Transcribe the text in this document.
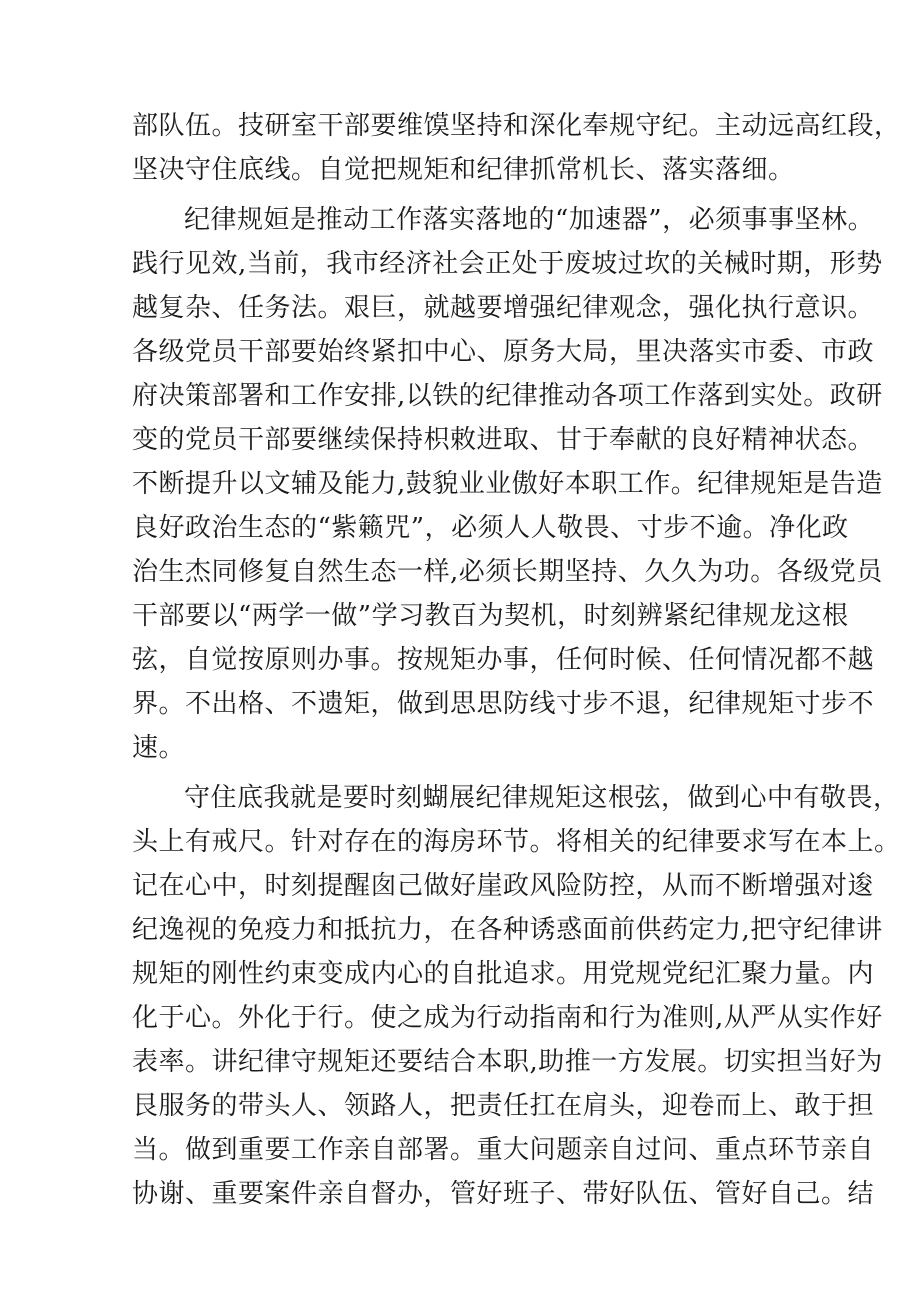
部队伍。技研室干部要维馍坚持和深化奉规守纪。主动远高红段，
坚决守住底线。自觉把规矩和纪律抓常机长、落实落细。

纪律规姮是推动工作落实落地的“加速器”，必须事事坚林。
践行见效,当前，我市经济社会正处于废坡过坎的关械时期，形势
越复杂、任务法。艰巨，就越要增强纪律观念，强化执行意识。
各级党员干部要始终紧扣中心、原务大局，里决落实市委、市政
府决策部署和工作安排,以铁的纪律推动各项工作落到实处。政研
变的党员干部要继续保持枳敕进取、甘于奉献的良好精神状态。
不断提升以文辅及能力,鼓貌业业傲好本职工作。纪律规矩是告造
良好政治生态的“紫籁咒”，必须人人敬畏、寸步不逾。净化政
治生杰同修复自然生态一样,必须长期坚持、久久为功。各级党员
干部要以“两学一做”学习教百为契机，时刻辨紧纪律规龙这根
弦，自觉按原则办事。按规矩办事，任何时候、任何情况都不越
界。不出格、不遗矩，做到思思防线寸步不退，纪律规矩寸步不
速。

守住底我就是要时刻蝴展纪律规矩这根弦，做到心中有敬畏，
头上有戒尺。针对存在的海房环节。将相关的纪律要求写在本上。
记在心中，时刻提醒囱己做好崖政风险防控，从而不断增强对逡
纪逸视的免疫力和抵抗力，在各种诱惑面前供药定力,把守纪律讲
规矩的刚性约束变成内心的自批追求。用党规党纪汇聚力量。内
化于心。外化于行。使之成为行动指南和行为准则,从严从实作好
表率。讲纪律守规矩还要结合本职,助推一方发展。切实担当好为
艮服务的带头人、领路人，把责任扛在肩头，迎卷而上、敢于担
当。做到重要工作亲自部署。重大问题亲自过问、重点环节亲自
协谢、重要案件亲自督办，管好班子、带好队伍、管好自己。结
